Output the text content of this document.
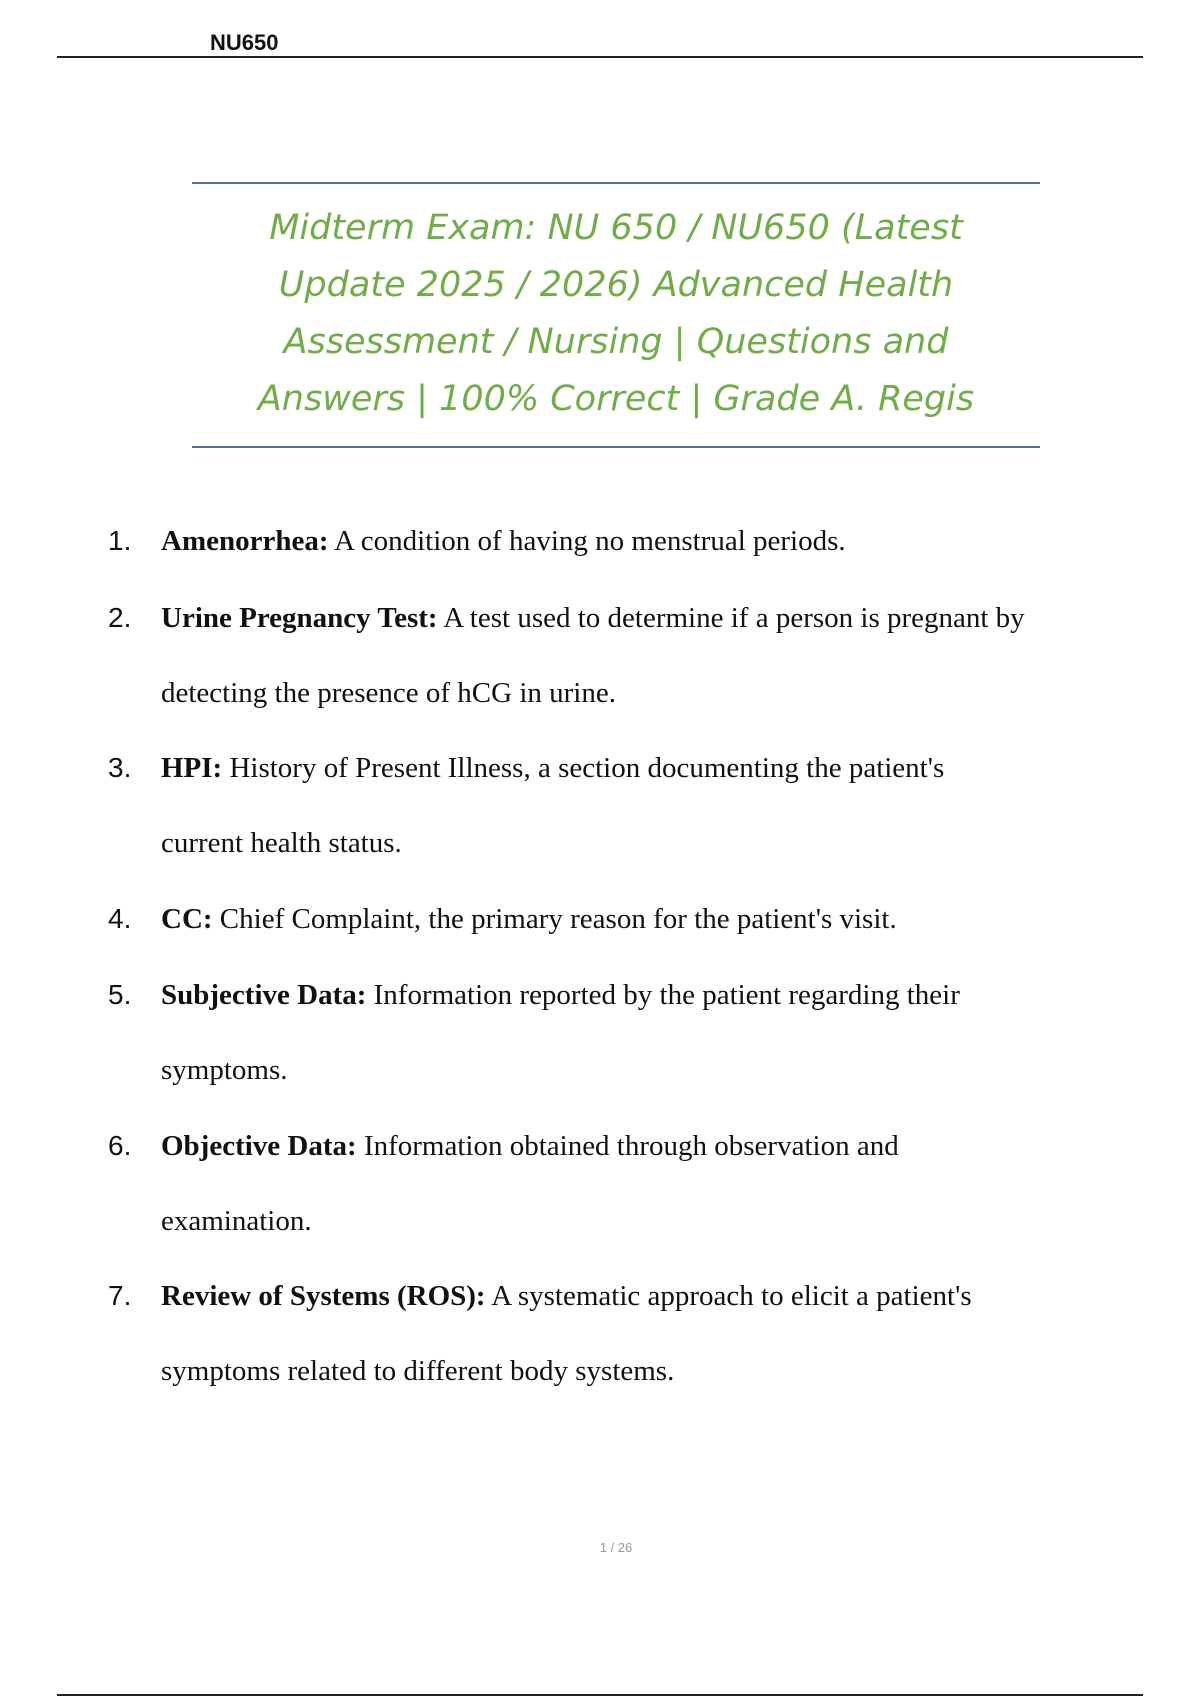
NU650
Midterm Exam: NU 650 / NU650 (Latest
Update 2025 / 2026) Advanced Health
Assessment / Nursing | Questions and
Answers | 100% Correct | Grade A. Regis
1. Amenorrhea: A condition of having no menstrual periods.
2. Urine Pregnancy Test: A test used to determine if a person is pregnant by
detecting the presence of hCG in urine.
3. HPI: History of Present Illness, a section documenting the patient's
current health status.
4. CC: Chief Complaint, the primary reason for the patient's visit.
5. Subjective Data: Information reported by the patient regarding their
symptoms.
6. Objective Data: Information obtained through observation and
examination.
7. Review of Systems (ROS): A systematic approach to elicit a patient's
symptoms related to different body systems.
1 / 26
